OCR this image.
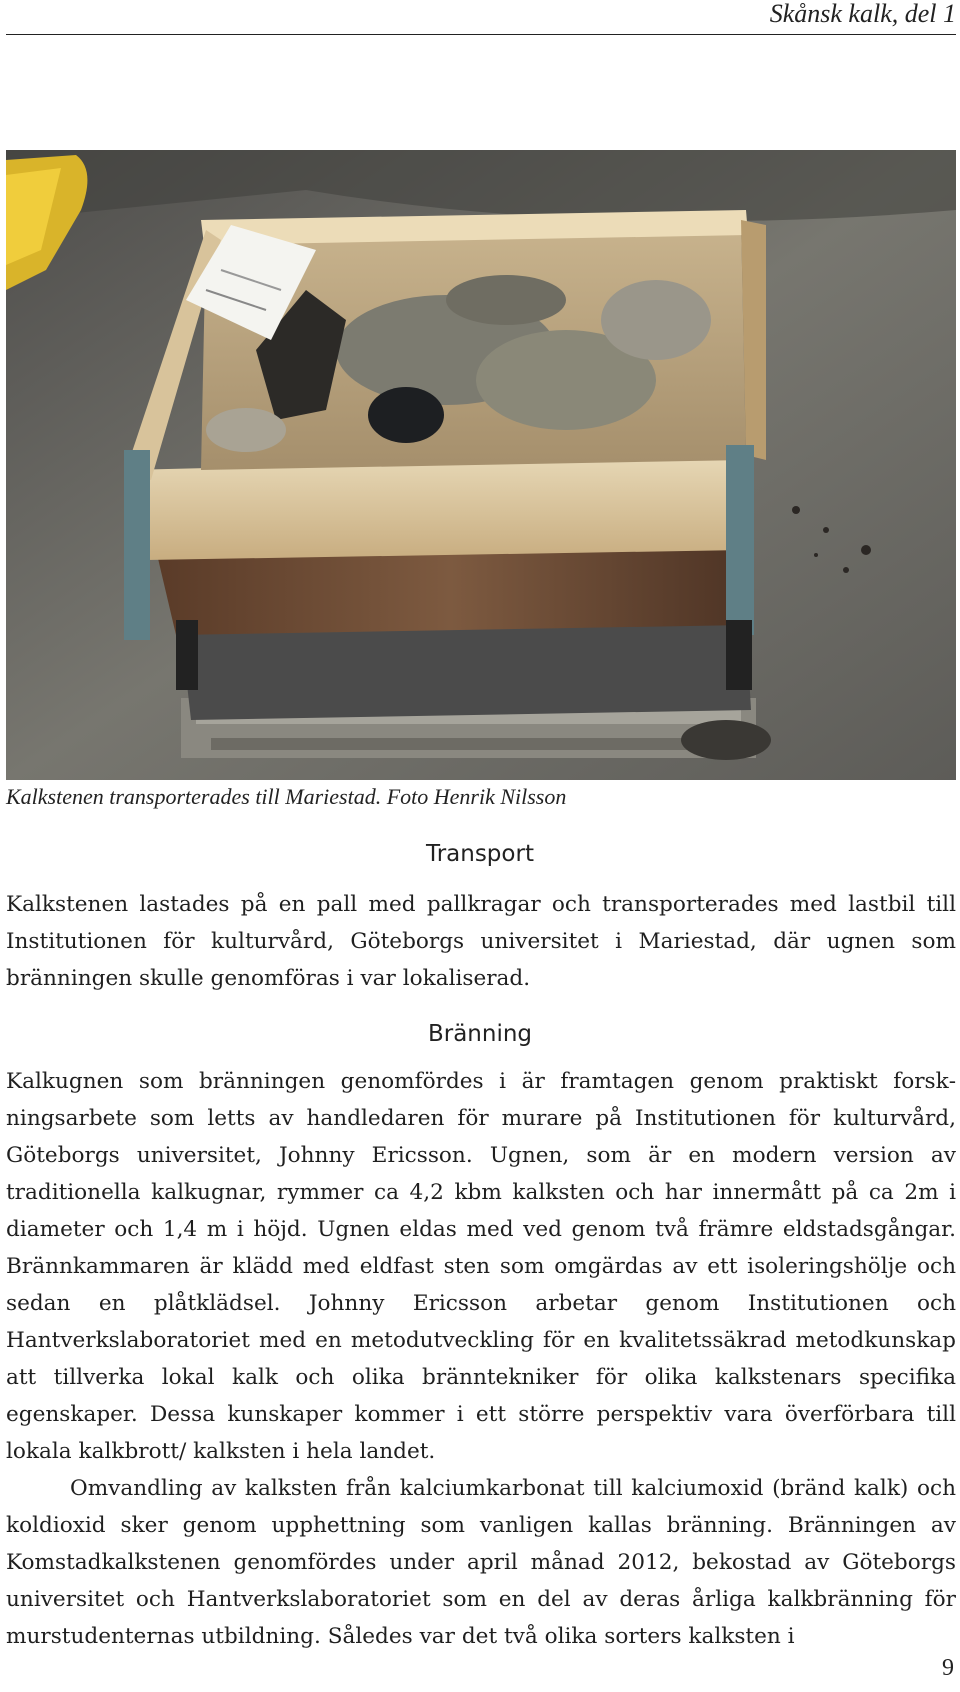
Skånsk kalk, del 1
Kalkstenen transporterades till Mariestad. Foto Henrik Nilsson
Transport

Kalkstenen lastades på en pall med pallkragar och transporterades med lastbil till Institutionen för kulturvård, Göteborgs universitet i Mariestad, där ugnen som bränningen skulle genomföras i var lokaliserad.

Bränning

Kalkugnen som bränningen genomfördes i är framtagen genom praktiskt forskningsarbete som letts av handledaren för murare på Institutionen för kulturvård, Göteborgs universitet, Johnny Ericsson. Ugnen, som är en modern version av traditionella kalkugnar, rymmer ca 4,2 kbm kalksten och har innermått på ca 2m i diameter och 1,4 m i höjd. Ugnen eldas med ved genom två främre eldstadsgångar. Brännkammaren är klädd med eldfast sten som omgärdas av ett isoleringshölje och sedan en plåtklädsel. Johnny Ericsson arbetar genom Institutionen och Hantverkslaboratoriet med en metodutveckling för en kvalitetssäkrad metodkunskap att tillverka lokal kalk och olika bränntekniker för olika kalkstenars specifika egenskaper. Dessa kunskaper kommer i ett större perspektiv vara överförbara till lokala kalkbrott/ kalksten i hela landet.

Omvandling av kalksten från kalciumkarbonat till kalciumoxid (bränd kalk) och koldioxid sker genom upphettning som vanligen kallas bränning. Bränningen av Komstadkalkstenen genomfördes under april månad 2012, bekostad av Göteborgs universitet och Hantverkslaboratoriet som en del av deras årliga kalkbränning för murstudenternas utbildning. Således var det två olika sorters kalksten i

9
